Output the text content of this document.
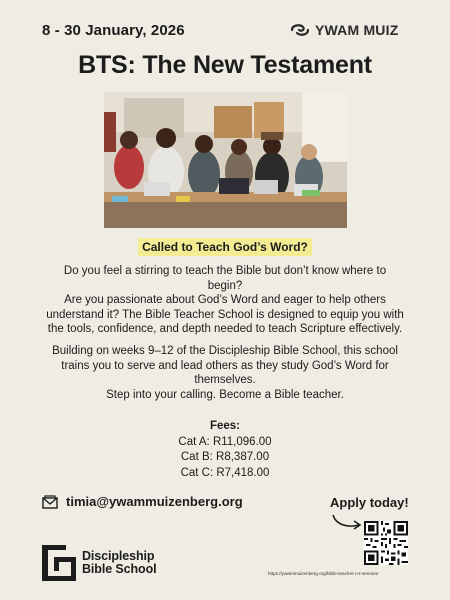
8 - 30 January, 2026	YWAM MUIZ
BTS: The New Testament
Called to Teach God’s Word?
Do you feel a stirring to teach the Bible but don’t know where to
begin?
Are you passionate about God’s Word and eager to help others
understand it? The Bible Teacher School is designed to equip you with
the tools, confidence, and depth needed to teach Scripture effectively.
Building on weeks 9–12 of the Discipleship Bible School, this school
trains you to serve and lead others as they study God’s Word for
themselves.
Step into your calling. Become a Bible teacher.
Fees:
Cat A: R11,096.00
Cat B: R8,387.00
Cat C: R7,418.00
timia@ywammuizenberg.org	Apply today!
https://ywammuizenberg.org/bible-teacher-n-t-seminar
Discipleship
Bible School
